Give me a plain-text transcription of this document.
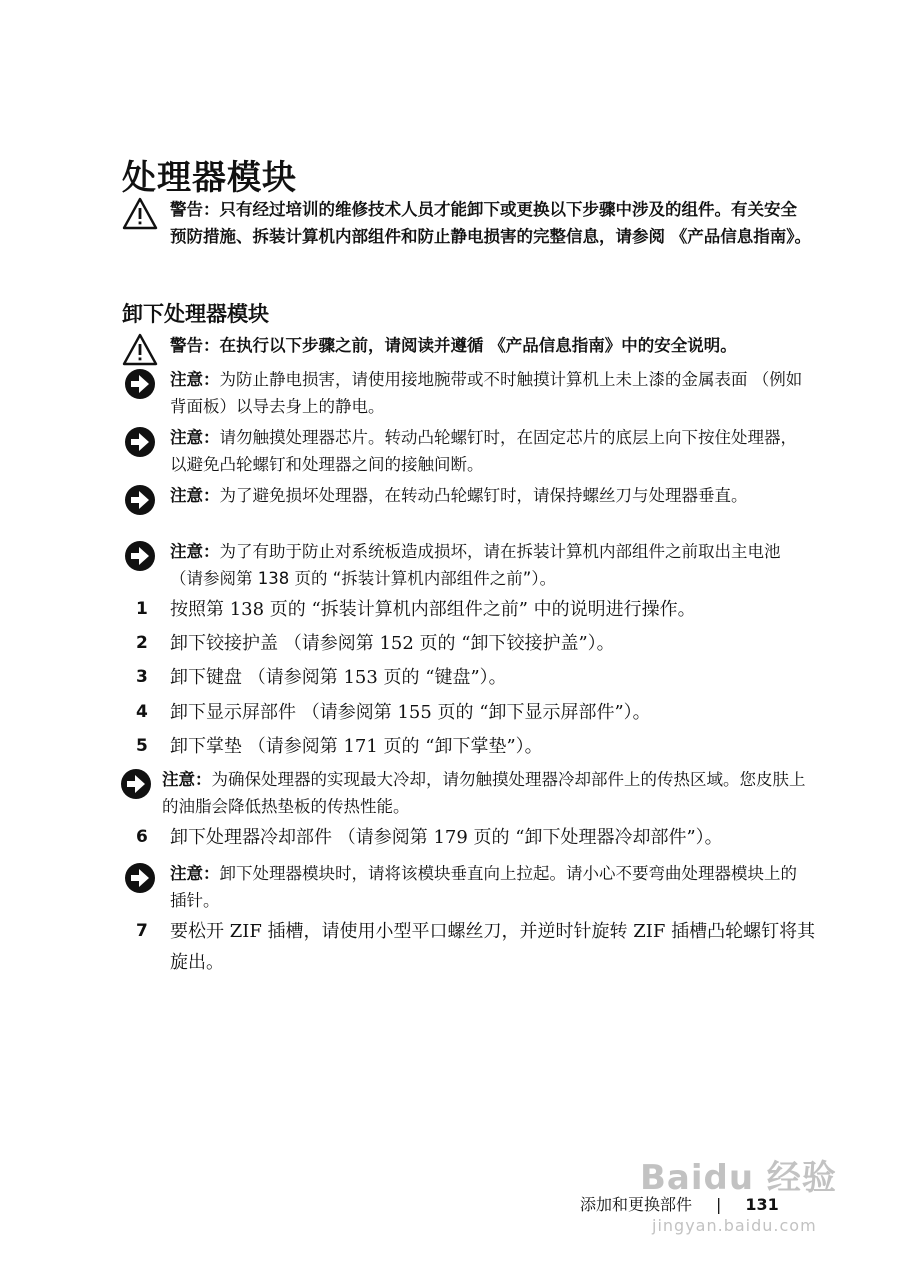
处理器模块
警告：只有经过培训的维修技术人员才能卸下或更换以下步骤中涉及的组件。有关安全预防措施、拆装计算机内部组件和防止静电损害的完整信息，请参阅 《产品信息指南》。
卸下处理器模块
警告：在执行以下步骤之前，请阅读并遵循 《产品信息指南》中的安全说明。
注意：为防止静电损害，请使用接地腕带或不时触摸计算机上未上漆的金属表面 （例如背面板）以导去身上的静电。
注意：请勿触摸处理器芯片。转动凸轮螺钉时，在固定芯片的底层上向下按住处理器，以避免凸轮螺钉和处理器之间的接触间断。
注意：为了避免损坏处理器，在转动凸轮螺钉时，请保持螺丝刀与处理器垂直。
注意：为了有助于防止对系统板造成损坏，请在拆装计算机内部组件之前取出主电池 （请参阅第 138 页的 “拆装计算机内部组件之前”）。
1	按照第 138 页的 “拆装计算机内部组件之前” 中的说明进行操作。
2	卸下铰接护盖 （请参阅第 152 页的 “卸下铰接护盖”）。
3	卸下键盘 （请参阅第 153 页的 “键盘”）。
4	卸下显示屏部件 （请参阅第 155 页的 “卸下显示屏部件”）。
5	卸下掌垫 （请参阅第 171 页的 “卸下掌垫”）。
注意：为确保处理器的实现最大冷却，请勿触摸处理器冷却部件上的传热区域。您皮肤上的油脂会降低热垫板的传热性能。
6	卸下处理器冷却部件 （请参阅第 179 页的 “卸下处理器冷却部件”）。
注意：卸下处理器模块时，请将该模块垂直向上拉起。请小心不要弯曲处理器模块上的插针。
7	要松开 ZIF 插槽，请使用小型平口螺丝刀，并逆时针旋转 ZIF 插槽凸轮螺钉将其旋出。
Baidu 经验
jingyan.baidu.com
添加和更换部件 | 131
